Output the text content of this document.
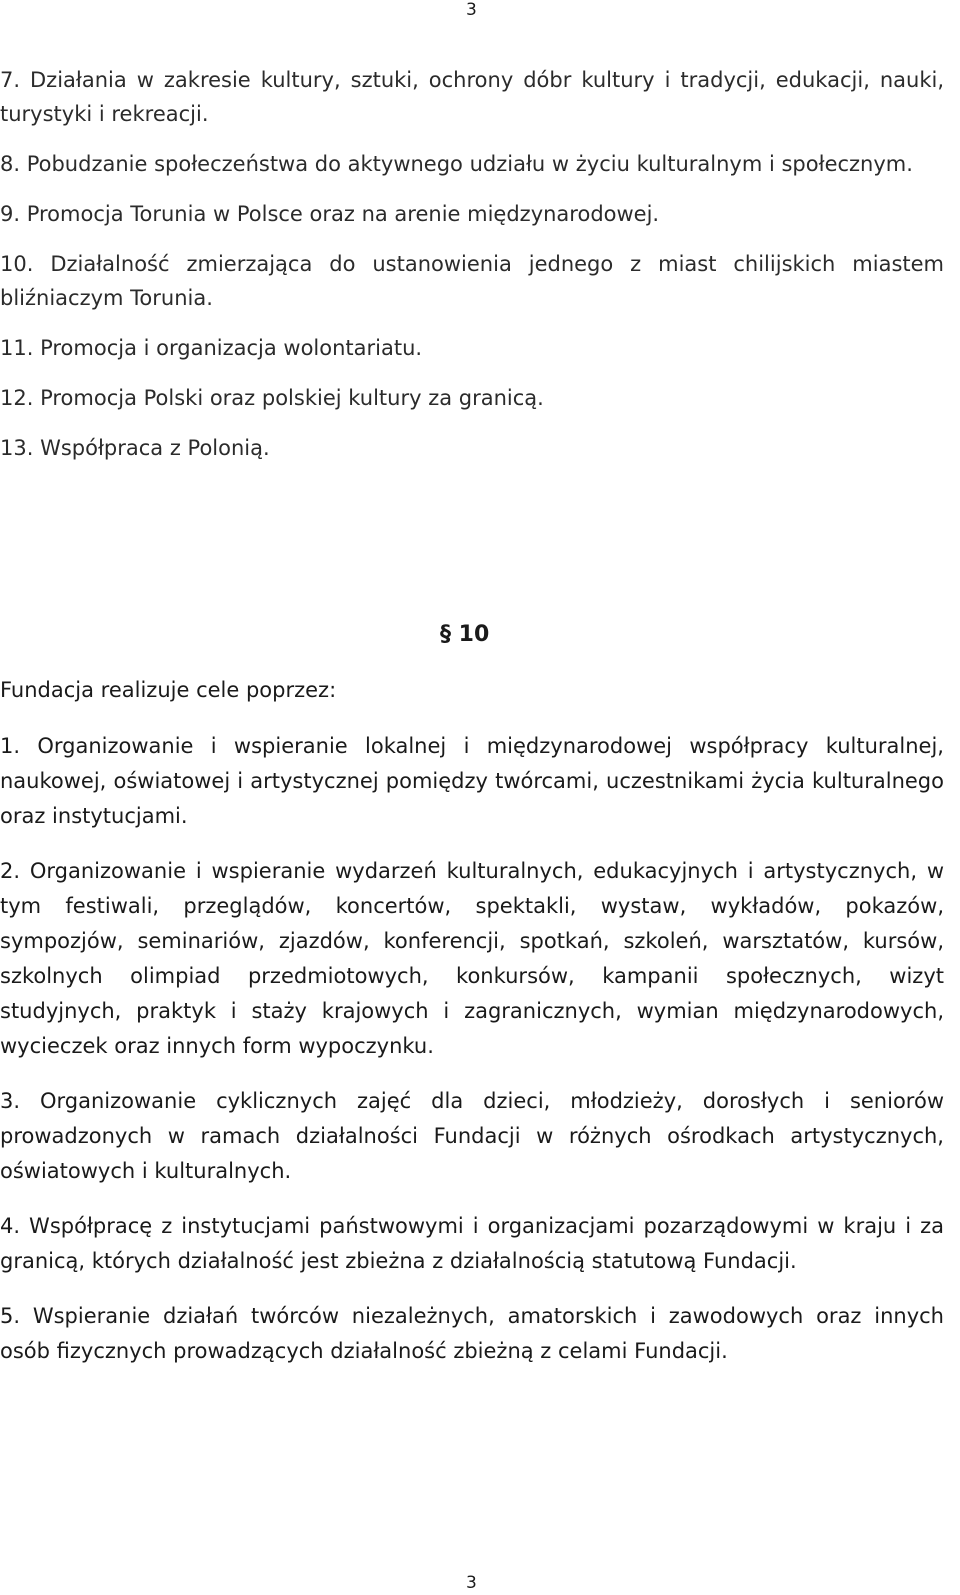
3

7. Działania w zakresie kultury, sztuki, ochrony dóbr kultury i tradycji, edukacji, nauki, turystyki i rekreacji.

8. Pobudzanie społeczeństwa do aktywnego udziału w życiu kulturalnym i społecznym.

9. Promocja Torunia w Polsce oraz na arenie międzynarodowej.

10. Działalność zmierzająca do ustanowienia jednego z miast chilijskich miastem bliźniaczym Torunia.

11. Promocja i organizacja wolontariatu.

12. Promocja Polski oraz polskiej kultury za granicą.

13. Współpraca z Polonią.

§ 10

Fundacja realizuje cele poprzez:

1. Organizowanie i wspieranie lokalnej i międzynarodowej współpracy kulturalnej, naukowej, oświatowej i artystycznej pomiędzy twórcami, uczestnikami życia kulturalnego oraz instytucjami.

2. Organizowanie i wspieranie wydarzeń kulturalnych, edukacyjnych i artystycznych, w tym festiwali, przeglądów, koncertów, spektakli, wystaw, wykładów, pokazów, sympozjów, seminariów, zjazdów, konferencji, spotkań, szkoleń, warsztatów, kursów, szkolnych olimpiad przedmiotowych, konkursów, kampanii społecznych, wizyt studyjnych, praktyk i staży krajowych i zagranicznych, wymian międzynarodowych, wycieczek oraz innych form wypoczynku.

3. Organizowanie cyklicznych zajęć dla dzieci, młodzieży, dorosłych i seniorów prowadzonych w ramach działalności Fundacji w różnych ośrodkach artystycznych, oświatowych i kulturalnych.

4. Współpracę z instytucjami państwowymi i organizacjami pozarządowymi w kraju i za granicą, których działalność jest zbieżna z działalnością statutową Fundacji.

5. Wspieranie działań twórców niezależnych, amatorskich i zawodowych oraz innych osób fizycznych prowadzących działalność zbieżną z celami Fundacji.

3
